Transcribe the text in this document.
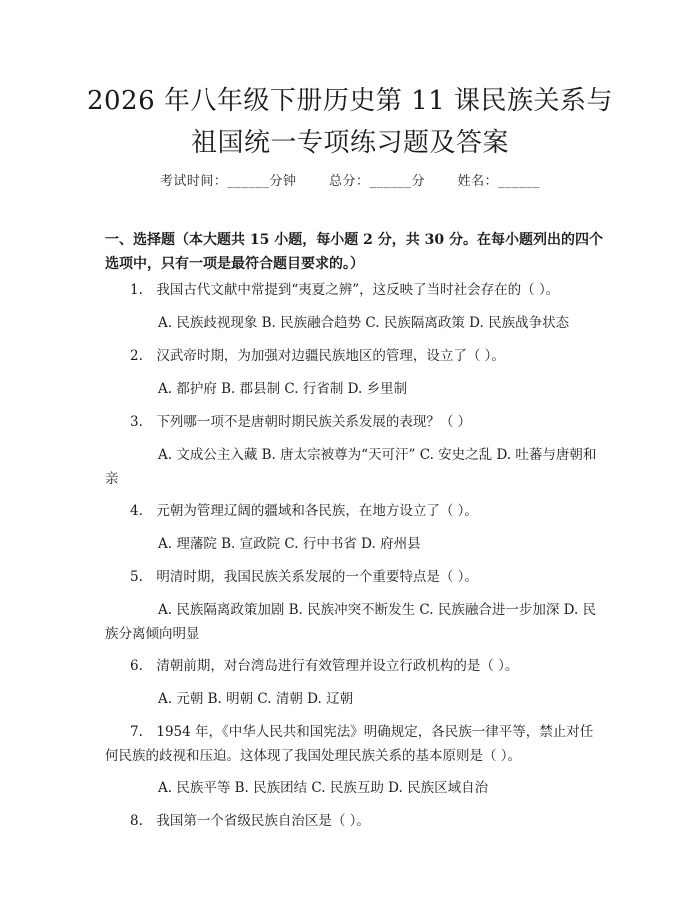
2026 年八年级下册历史第 11 课民族关系与
祖国统一专项练习题及答案
考试时间：______分钟	总分：______分	姓名：______
一、选择题（本大题共 15 小题，每小题 2 分，共 30 分。在每小题列出的四个选项中，只有一项是最符合题目要求的。）
1.　我国古代文献中常提到“夷夏之辨”，这反映了当时社会存在的（ ）。
A. 民族歧视现象 B. 民族融合趋势 C. 民族隔离政策 D. 民族战争状态
2.　汉武帝时期，为加强对边疆民族地区的管理，设立了（ ）。
A. 都护府 B. 郡县制 C. 行省制 D. 乡里制
3.　下列哪一项不是唐朝时期民族关系发展的表现？（ ）
A. 文成公主入藏 B. 唐太宗被尊为“天可汗” C. 安史之乱 D. 吐蕃与唐朝和亲
4.　元朝为管理辽阔的疆域和各民族，在地方设立了（ ）。
A. 理藩院 B. 宣政院 C. 行中书省 D. 府州县
5.　明清时期，我国民族关系发展的一个重要特点是（ ）。
A. 民族隔离政策加剧 B. 民族冲突不断发生 C. 民族融合进一步加深 D. 民族分离倾向明显
6.　清朝前期，对台湾岛进行有效管理并设立行政机构的是（ ）。
A. 元朝 B. 明朝 C. 清朝 D. 辽朝
7.　1954 年，《中华人民共和国宪法》明确规定，各民族一律平等，禁止对任何民族的歧视和压迫。这体现了我国处理民族关系的基本原则是（ ）。
A. 民族平等 B. 民族团结 C. 民族互助 D. 民族区域自治
8.　我国第一个省级民族自治区是（ ）。
